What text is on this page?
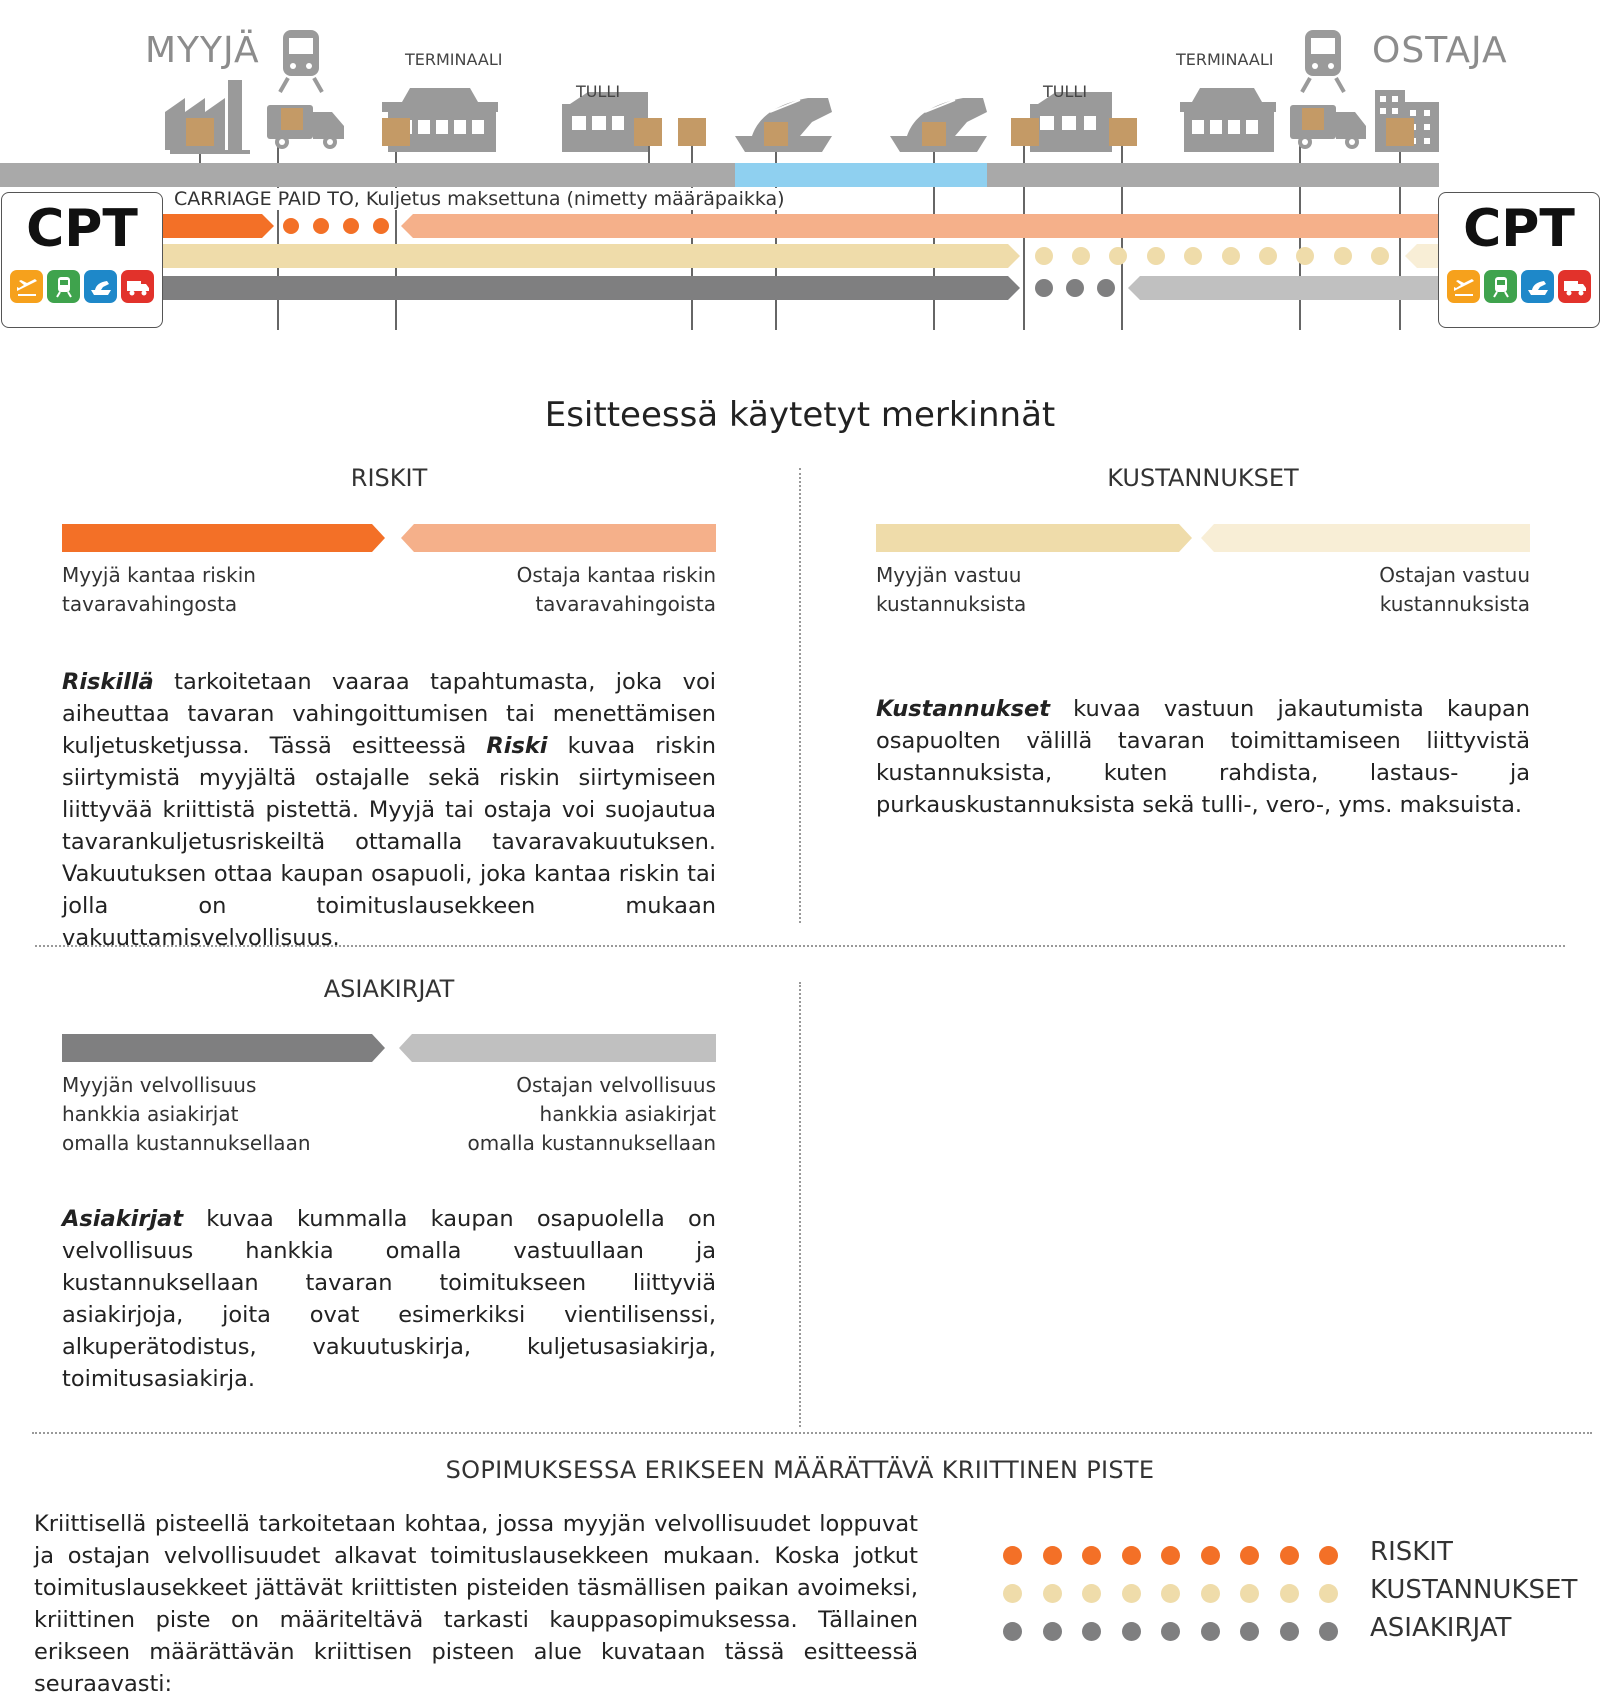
MYYJÄ	OSTAJA
TERMINAALI
TULLI	TULLI
TERMINAALI
CARRIAGE PAID TO, Kuljetus maksettuna (nimetty määräpaikka)
CPT	CPT
Esitteessä käytetyt merkinnät
RISKIT
Myyjä kantaa riskin
tavaravahingosta
Ostaja kantaa riskin
tavaravahingoista
Riskillä tarkoitetaan vaaraa tapahtumasta, joka voi aiheuttaa tavaran vahingoittumisen tai menettämisen kuljetusketjussa. Tässä esitteessä Riski kuvaa riskin siirtymistä myyjältä ostajalle sekä riskin siirtymiseen liittyvää kriittistä pistettä. Myyjä tai ostaja voi suojautua tavarankuljetusriskeiltä ottamalla tavaravakuutuksen. Vakuutuksen ottaa kaupan osapuoli, joka kantaa riskin tai jolla on toimituslausekkeen mukaan vakuuttamisvelvollisuus.
KUSTANNUKSET
Myyjän vastuu
kustannuksista
Ostajan vastuu
kustannuksista
Kustannukset kuvaa vastuun jakautumista kaupan osapuolten välillä tavaran toimittamiseen liittyvistä kustannuksista, kuten rahdista, lastaus- ja purkauskustannuksista sekä tulli-, vero-, yms. maksuista.
ASIAKIRJAT
Myyjän velvollisuus
hankkia asiakirjat
omalla kustannuksellaan
Ostajan velvollisuus
hankkia asiakirjat
omalla kustannuksellaan
Asiakirjat kuvaa kummalla kaupan osapuolella on velvollisuus hankkia omalla vastuullaan ja kustannuksellaan tavaran toimitukseen liittyviä asiakirjoja, joita ovat esimerkiksi vientilisenssi, alkuperätodistus, vakuutuskirja, kuljetusasiakirja, toimitusasiakirja.
SOPIMUKSESSA ERIKSEEN MÄÄRÄTTÄVÄ KRIITTINEN PISTE
Kriittisellä pisteellä tarkoitetaan kohtaa, jossa myyjän velvollisuudet loppuvat ja ostajan velvollisuudet alkavat toimituslausekkeen mukaan. Koska jotkut toimituslausekkeet jättävät kriittisten pisteiden täsmällisen paikan avoimeksi, kriittinen piste on määriteltävä tarkasti kauppasopimuksessa. Tällainen erikseen määrättävän kriittisen pisteen alue kuvataan tässä esitteessä seuraavasti:
RISKIT
KUSTANNUKSET
ASIAKIRJAT
